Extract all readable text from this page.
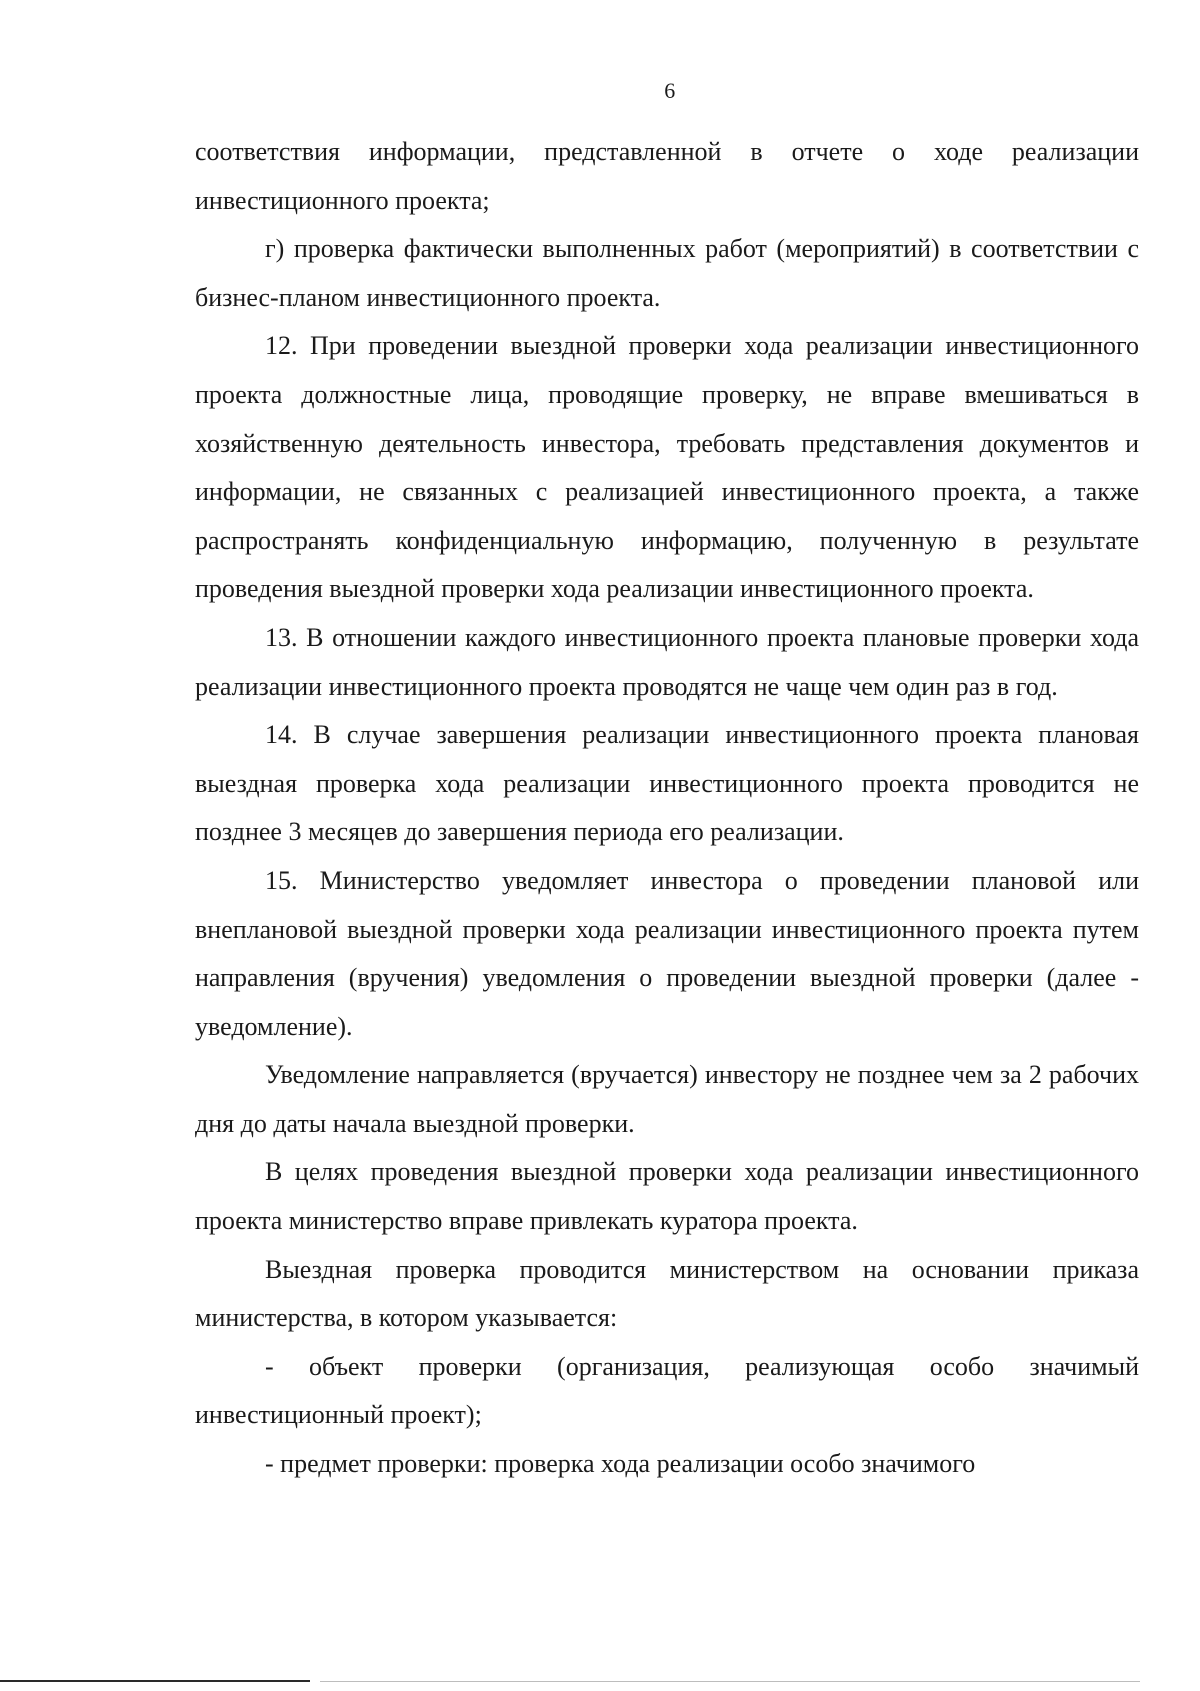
6

соответствия информации, представленной в отчете о ходе реализации инвестиционного проекта;

г) проверка фактически выполненных работ (мероприятий) в соответствии с бизнес-планом инвестиционного проекта.

12. При проведении выездной проверки хода реализации инвестиционного проекта должностные лица, проводящие проверку, не вправе вмешиваться в хозяйственную деятельность инвестора, требовать представления документов и информации, не связанных с реализацией инвестиционного проекта, а также распространять конфиденциальную информацию, полученную в результате проведения выездной проверки хода реализации инвестиционного проекта.

13. В отношении каждого инвестиционного проекта плановые проверки хода реализации инвестиционного проекта проводятся не чаще чем один раз в год.

14. В случае завершения реализации инвестиционного проекта плановая выездная проверка хода реализации инвестиционного проекта проводится не позднее 3 месяцев до завершения периода его реализации.

15. Министерство уведомляет инвестора о проведении плановой или внеплановой выездной проверки хода реализации инвестиционного проекта путем направления (вручения) уведомления о проведении выездной проверки (далее - уведомление).

Уведомление направляется (вручается) инвестору не позднее чем за 2 рабочих дня до даты начала выездной проверки.

В целях проведения выездной проверки хода реализации инвестиционного проекта министерство вправе привлекать куратора проекта.

Выездная проверка проводится министерством на основании приказа министерства, в котором указывается:

- объект проверки (организация, реализующая особо значимый инвестиционный проект);

- предмет проверки: проверка хода реализации особо значимого
